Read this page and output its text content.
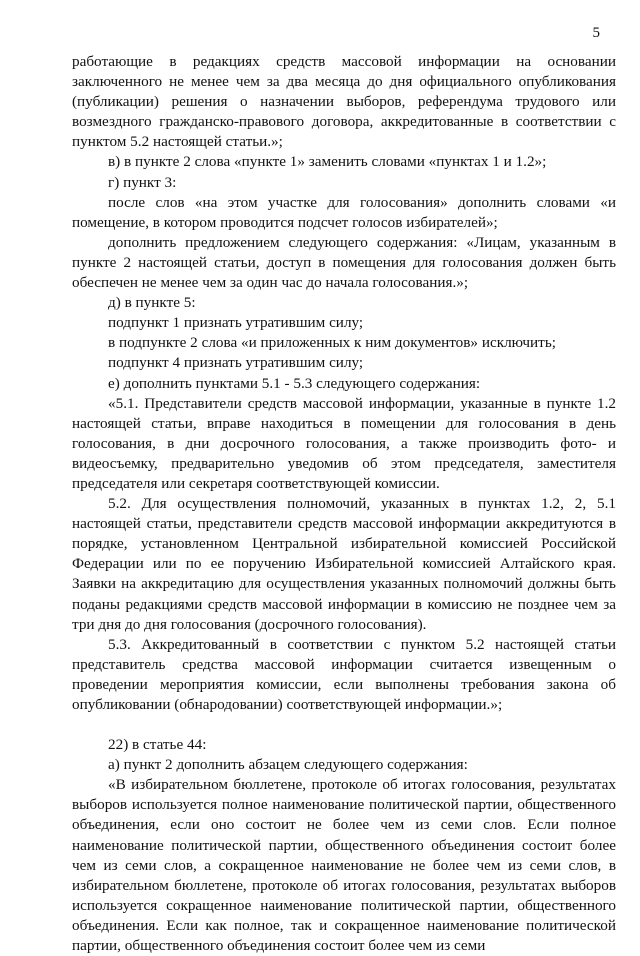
5

работающие в редакциях средств массовой информации на основании заключенного не менее чем за два месяца до дня официального опубликования (публикации) решения о назначении выборов, референдума трудового или возмездного гражданско-правового договора, аккредитованные в соответствии с пунктом 5.2 настоящей статьи.»;

в) в пункте 2 слова «пункте 1» заменить словами «пунктах 1 и 1.2»;

г) пункт 3:

после слов «на этом участке для голосования» дополнить словами «и помещение, в котором проводится подсчет голосов избирателей»;

дополнить предложением следующего содержания: «Лицам, указанным в пункте 2 настоящей статьи, доступ в помещения для голосования должен быть обеспечен не менее чем за один час до начала голосования.»;

д) в пункте 5:

подпункт 1 признать утратившим силу;

в подпункте 2 слова «и приложенных к ним документов» исключить;

подпункт 4 признать утратившим силу;

е) дополнить пунктами 5.1 - 5.3 следующего содержания:

«5.1. Представители средств массовой информации, указанные в пункте 1.2 настоящей статьи, вправе находиться в помещении для голосования в день голосования, в дни досрочного голосования, а также производить фото- и видеосъемку, предварительно уведомив об этом председателя, заместителя председателя или секретаря соответствующей комиссии.

5.2. Для осуществления полномочий, указанных в пунктах 1.2, 2, 5.1 настоящей статьи, представители средств массовой информации аккредитуются в порядке, установленном Центральной избирательной комиссией Российской Федерации или по ее поручению Избирательной комиссией Алтайского края. Заявки на аккредитацию для осуществления указанных полномочий должны быть поданы редакциями средств массовой информации в комиссию не позднее чем за три дня до дня голосования (досрочного голосования).

5.3. Аккредитованный в соответствии с пунктом 5.2 настоящей статьи представитель средства массовой информации считается извещенным о проведении мероприятия комиссии, если выполнены требования закона об опубликовании (обнародовании) соответствующей информации.»;

22) в статье 44:

а) пункт 2 дополнить абзацем следующего содержания:

«В избирательном бюллетене, протоколе об итогах голосования, результатах выборов используется полное наименование политической партии, общественного объединения, если оно состоит не более чем из семи слов. Если полное наименование политической партии, общественного объединения состоит более чем из семи слов, а сокращенное наименование не более чем из семи слов, в избирательном бюллетене, протоколе об итогах голосования, результатах выборов используется сокращенное наименование политической партии, общественного объединения. Если как полное, так и сокращенное наименование политической партии, общественного объединения состоит более чем из семи
